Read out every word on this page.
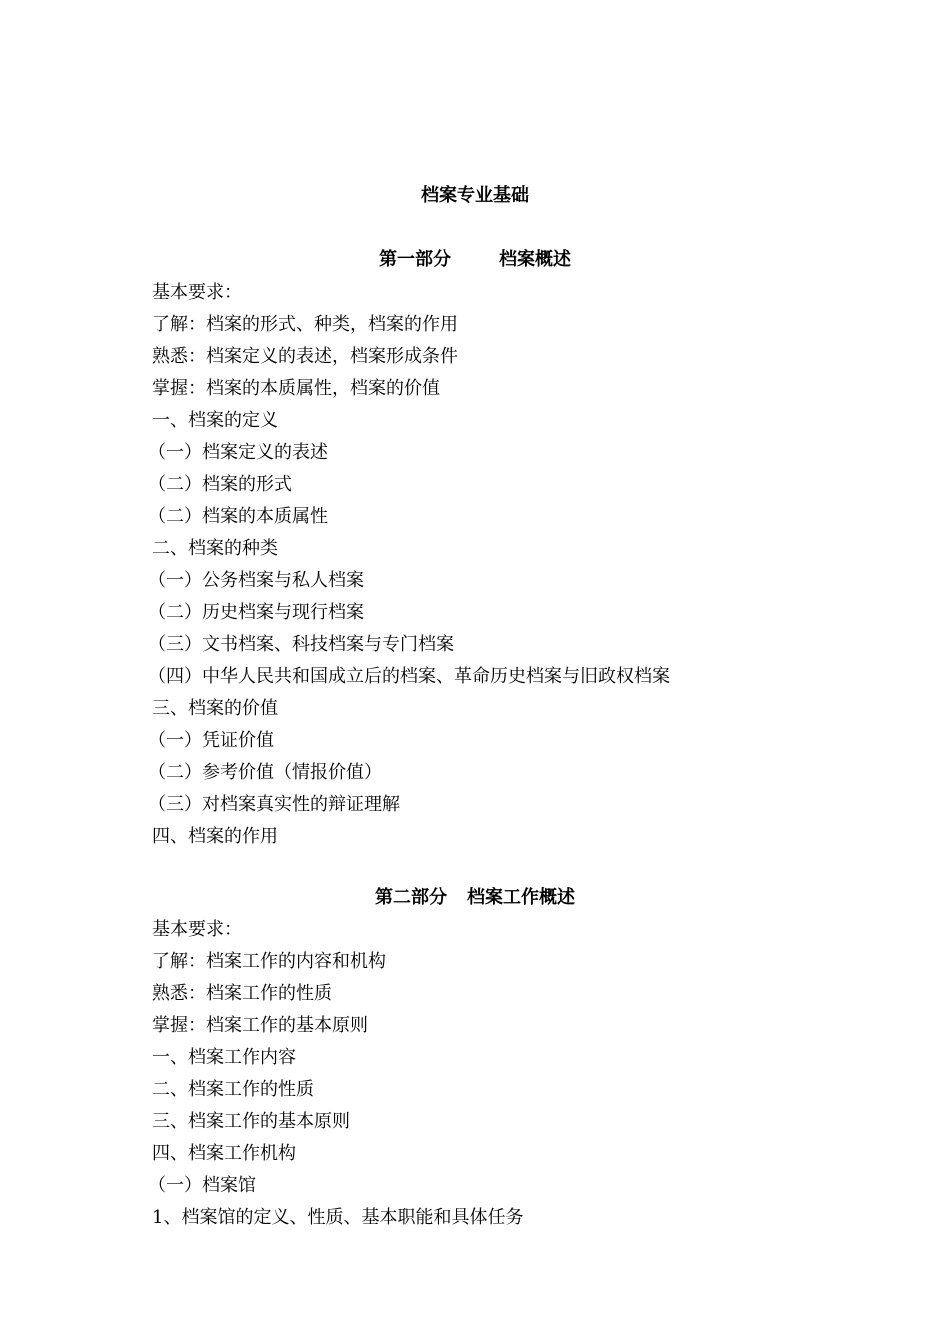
档案专业基础
第一部分	档案概述
基本要求：
了解：档案的形式、种类，档案的作用
熟悉：档案定义的表述，档案形成条件
掌握：档案的本质属性，档案的价值
一、档案的定义
（一）档案定义的表述
（二）档案的形式
（二）档案的本质属性
二、档案的种类
（一）公务档案与私人档案
（二）历史档案与现行档案
（三）文书档案、科技档案与专门档案
（四）中华人民共和国成立后的档案、革命历史档案与旧政权档案
三、档案的价值
（一）凭证价值
（二）参考价值（情报价值）
（三）对档案真实性的辩证理解
四、档案的作用
第二部分 档案工作概述
基本要求：
了解：档案工作的内容和机构
熟悉：档案工作的性质
掌握：档案工作的基本原则
一、档案工作内容
二、档案工作的性质
三、档案工作的基本原则
四、档案工作机构
（一）档案馆
1、档案馆的定义、性质、基本职能和具体任务
